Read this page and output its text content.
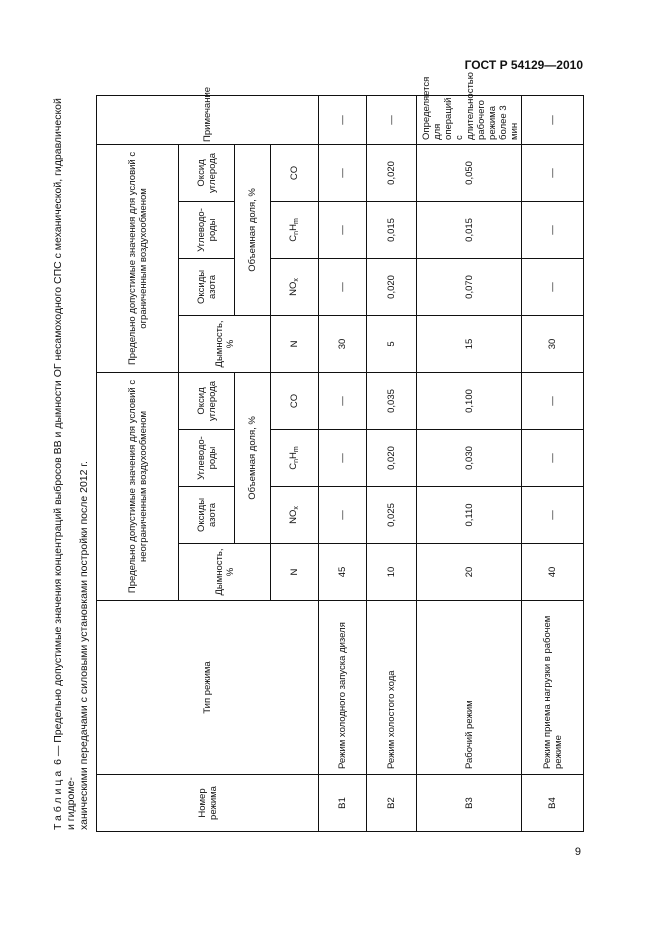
ГОСТ Р 54129—2010
Таблица 6 — Предельно допустимые значения концентраций выбросов ВВ и дымности ОГ несамоходного СПС с механической, гидравлической и гидроме-
ханическими передачами с силовыми установками постройки после 2012 г.	Номер режима	Тип режима	Предельно допустимые значения для условий с неограниченным воздухообменом				Предельно допустимые значения для условий с ограниченным воздухообменом				Примечание
		Дымность, %	Оксиды азота	Углеводо-роды	Оксид углерода	Дымность, %	Оксиды азота	Углеводо-роды	Оксид углерода	
			Объемная доля, %				Объемная доля, %			
		N	$NO_x$	$C_nH_m$	CO	N	$NO_x$	$C_nH_m$	CO	
В1	Режим холодного запуска дизеля	45	—	—	—	30	—	—	—	—
В2	Режим холостого хода	10	0,025	0,020	0,035	5	0,020	0,015	0,020	—
В3	Рабочий режим	20	0,110	0,030	0,100	15	0,070	0,015	0,050	Определяется для операций с длительностью рабочего режима более 3 мин
В4	Режим приема нагрузки в рабочем режиме	40	—	—	—	30	—	—	—	—
9
